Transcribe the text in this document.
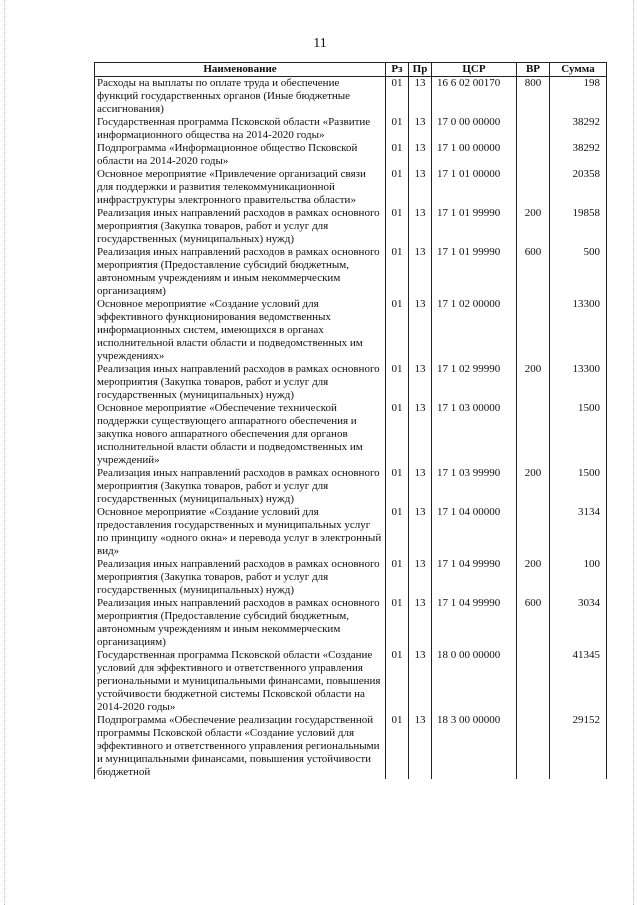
11
Наименование	Рз	Пр	ЦСР	ВР	Сумма
Расходы на выплаты по оплате труда и обеспечение функций государственных органов (Иные бюджетные ассигнования)	01	13	16 6 02 00170	800	198
Государственная программа Псковской области «Развитие информационного общества на 2014-2020 годы»	01	13	17 0 00 00000		38292
Подпрограмма «Информационное общество Псковской области на 2014-2020 годы»	01	13	17 1 00 00000		38292
Основное мероприятие «Привлечение организаций связи для поддержки и развития телекоммуникационной инфраструктуры электронного правительства области»	01	13	17 1 01 00000		20358
Реализация иных направлений расходов в рамках основного мероприятия (Закупка товаров, работ и услуг для государственных (муниципальных) нужд)	01	13	17 1 01 99990	200	19858
Реализация иных направлений расходов в рамках основного мероприятия (Предоставление субсидий бюджетным, автономным учреждениям и иным некоммерческим организациям)	01	13	17 1 01 99990	600	500
Основное мероприятие «Создание условий для эффективного функционирования ведомственных информационных систем, имеющихся в органах исполнительной власти области и подведомственных им учреждениях»	01	13	17 1 02 00000		13300
Реализация иных направлений расходов в рамках основного мероприятия (Закупка товаров, работ и услуг для государственных (муниципальных) нужд)	01	13	17 1 02 99990	200	13300
Основное мероприятие «Обеспечение технической поддержки существующего аппаратного обеспечения и закупка нового аппаратного обеспечения для органов исполнительной власти области и подведомственных им учреждений»	01	13	17 1 03 00000		1500
Реализация иных направлений расходов в рамках основного мероприятия (Закупка товаров, работ и услуг для государственных (муниципальных) нужд)	01	13	17 1 03 99990	200	1500
Основное мероприятие «Создание условий для предоставления государственных и муниципальных услуг по принципу «одного окна» и перевода услуг в электронный вид»	01	13	17 1 04 00000		3134
Реализация иных направлений расходов в рамках основного мероприятия (Закупка товаров, работ и услуг для государственных (муниципальных) нужд)	01	13	17 1 04 99990	200	100
Реализация иных направлений расходов в рамках основного мероприятия (Предоставление субсидий бюджетным, автономным учреждениям и иным некоммерческим организациям)	01	13	17 1 04 99990	600	3034
Государственная программа Псковской области «Создание условий для эффективного и ответственного управления региональными и муниципальными финансами, повышения устойчивости бюджетной системы Псковской области на 2014-2020 годы»	01	13	18 0 00 00000		41345
Подпрограмма «Обеспечение реализации государственной программы Псковской области «Создание условий для эффективного и ответственного управления региональными и муниципальными финансами, повышения устойчивости бюджетной	01	13	18 3 00 00000		29152
